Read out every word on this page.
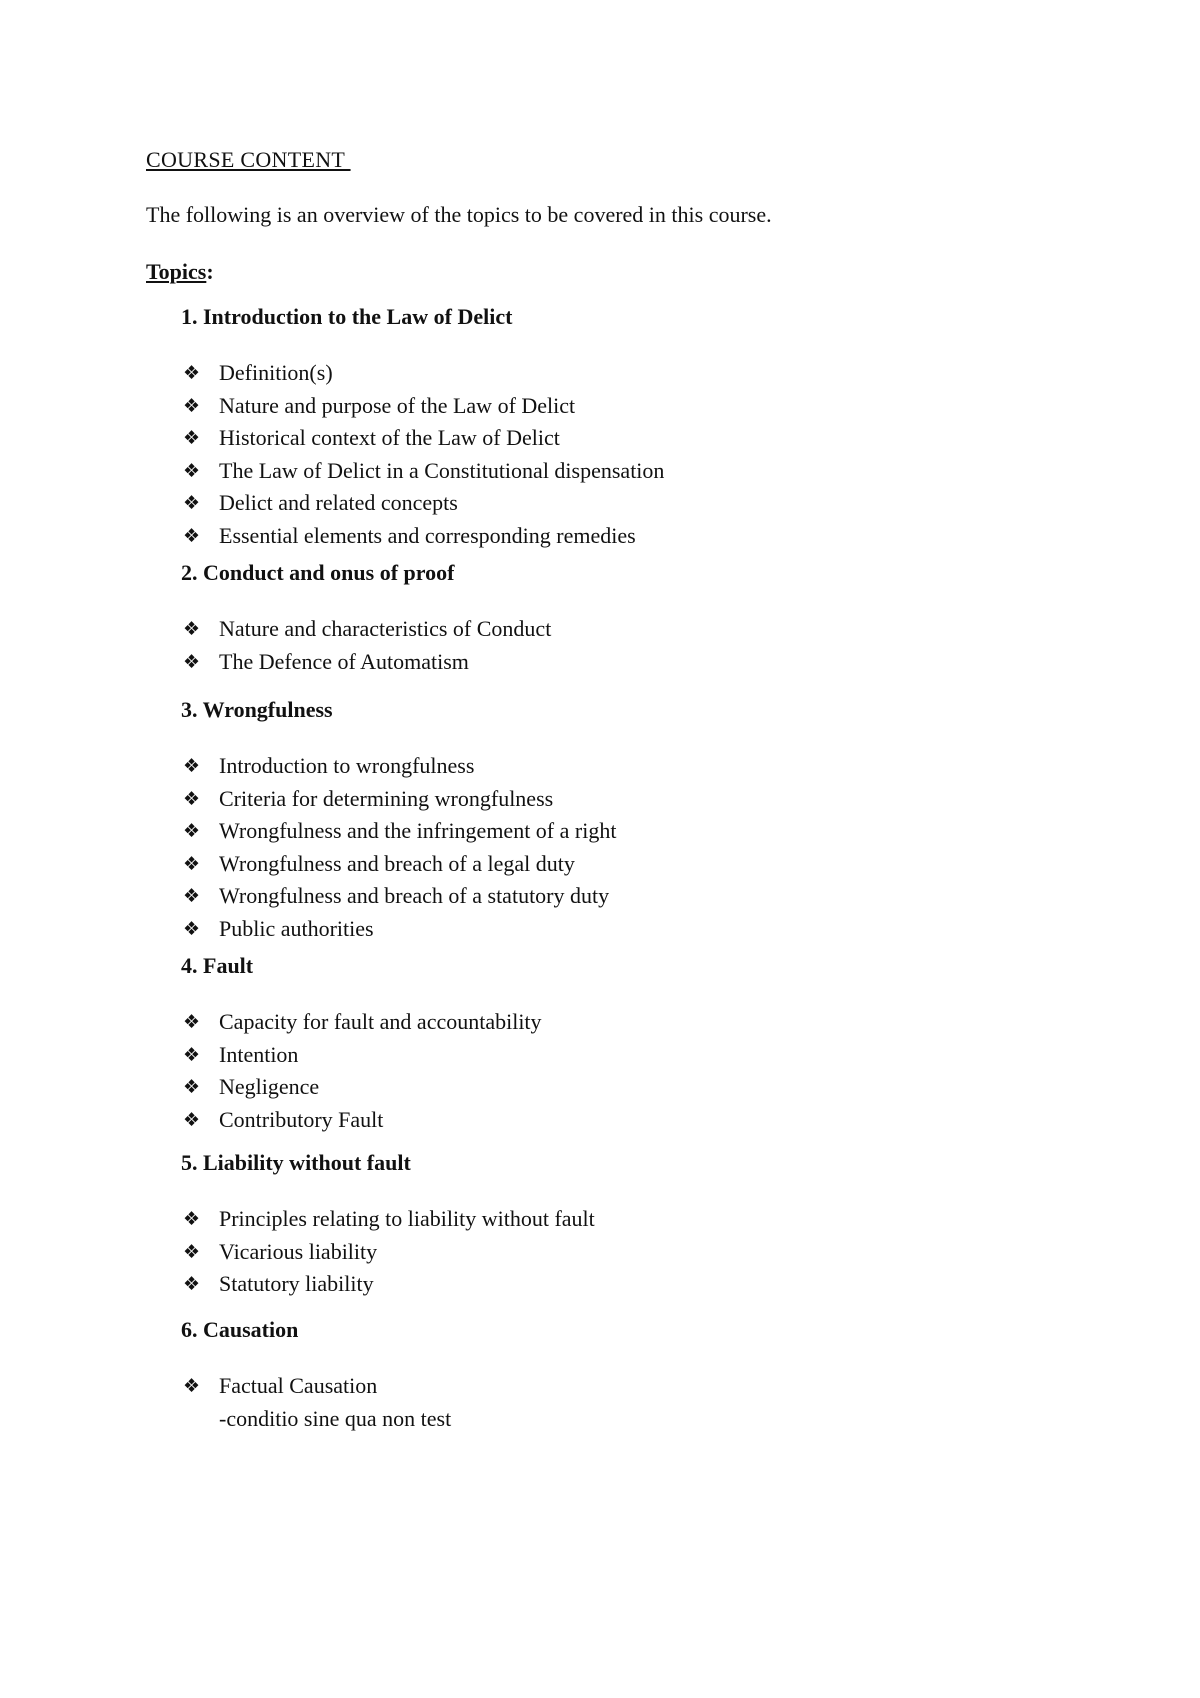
COURSE CONTENT
The following is an overview of the topics to be covered in this course.
Topics:
1. Introduction to the Law of Delict
❖ Definition(s)
❖ Nature and purpose of the Law of Delict
❖ Historical context of the Law of Delict
❖ The Law of Delict in a Constitutional dispensation
❖ Delict and related concepts
❖ Essential elements and corresponding remedies
2. Conduct and onus of proof
❖ Nature and characteristics of Conduct
❖ The Defence of Automatism
3. Wrongfulness
❖ Introduction to wrongfulness
❖ Criteria for determining wrongfulness
❖ Wrongfulness and the infringement of a right
❖ Wrongfulness and breach of a legal duty
❖ Wrongfulness and breach of a statutory duty
❖ Public authorities
4. Fault
❖ Capacity for fault and accountability
❖ Intention
❖ Negligence
❖ Contributory Fault
5. Liability without fault
❖ Principles relating to liability without fault
❖ Vicarious liability
❖ Statutory liability
6. Causation
❖ Factual Causation
-conditio sine qua non test
